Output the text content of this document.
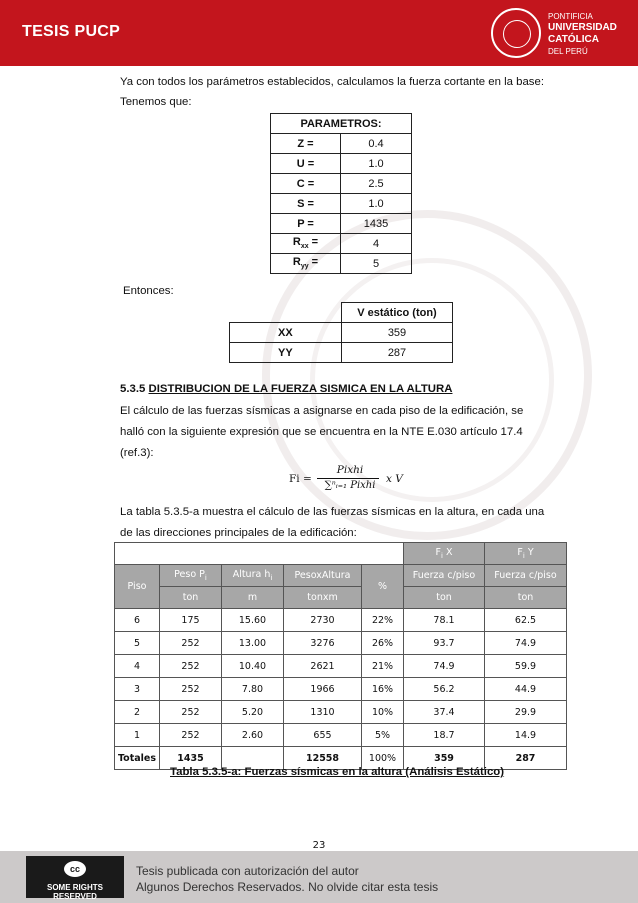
TESIS PUCP
PONTIFICIA
UNIVERSIDAD
CATÓLICA
DEL PERÚ
Ya con todos los parámetros establecidos, calculamos la fuerza cortante en la base:
Tenemos que:
PARAMETROS:	
Z =	0.4
U =	1.0
C =	2.5
S =	1.0
P =	1435
$R_{xx}$ =	4
$R_{yy}$ =	5
Entonces:
	V estático (ton)
XX	359
YY	287
5.3.5 DISTRIBUCION DE LA FUERZA SISMICA EN LA ALTURA
El cálculo de las fuerzas sísmicas a asignarse en cada piso de la edificación, se
halló con la siguiente expresión que se encuentra en la NTE E.030 artículo 17.4
(ref.3):
Fi =
Pixhi
∑ⁿᵢ₌₁ Pixhi
x V
La tabla 5.3.5-a muestra el cálculo de las fuerzas sísmicas en la altura, en cada una
de las direcciones principales de la edificación:
					$F_i$ X	$F_i$ Y
Piso	Peso $P_i$	Altura $h_i$	PesoxAltura	%	Fuerza c/piso	Fuerza c/piso
	ton	m	tonxm		ton	ton
6	175	15.60	2730	22%	78.1	62.5
5	252	13.00	3276	26%	93.7	74.9
4	252	10.40	2621	21%	74.9	59.9
3	252	7.80	1966	16%	56.2	44.9
2	252	5.20	1310	10%	37.4	29.9
1	252	2.60	655	5%	18.7	14.9
Totales	1435		12558	100%	359	287
Tabla 5.3.5-a: Fuerzas sísmicas en la altura (Análisis Estático)
23
cc
SOME RIGHTS RESERVED
Tesis publicada con autorización del autor
Algunos Derechos Reservados. No olvide citar esta tesis
